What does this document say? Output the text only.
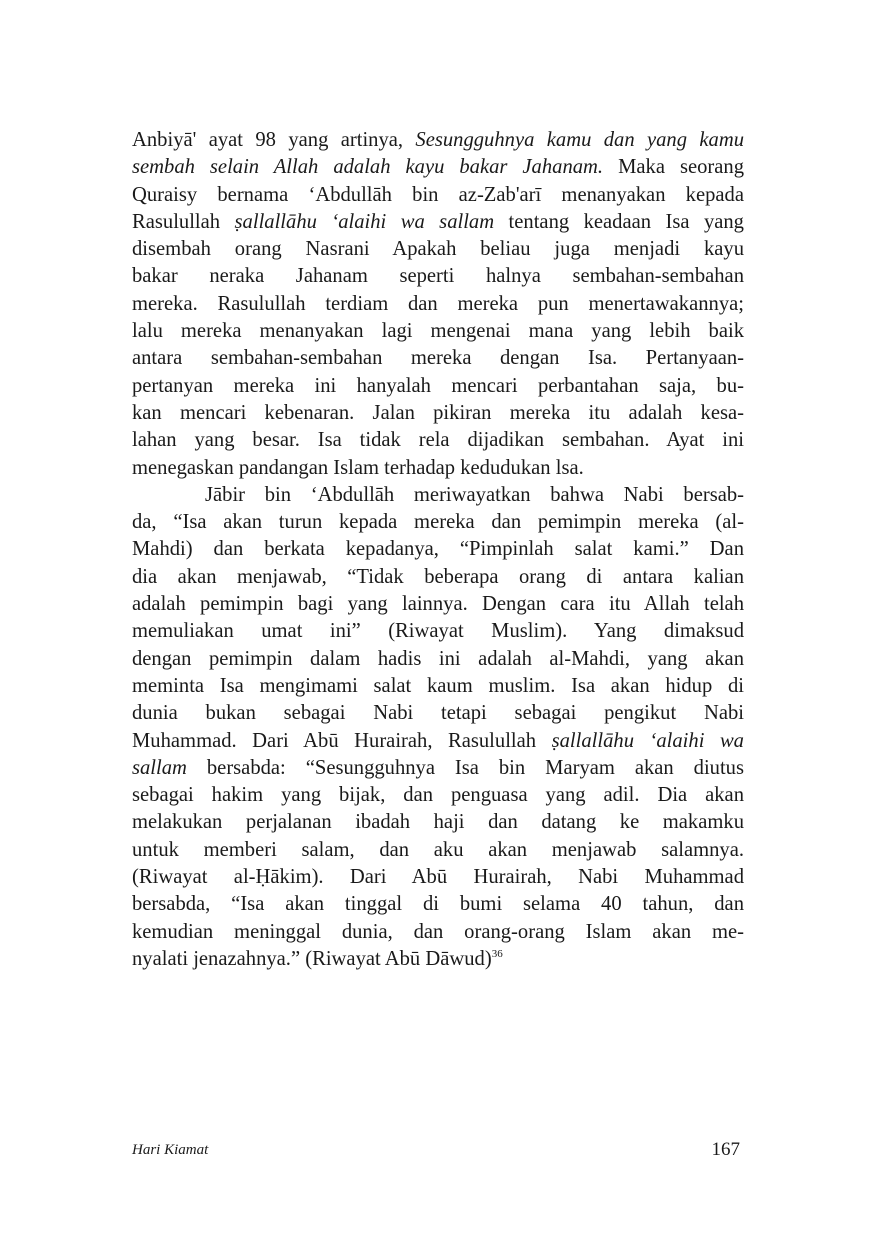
Anbiyā' ayat 98 yang artinya, Sesungguhnya kamu dan yang kamu
sembah selain Allah adalah kayu bakar Jahanam. Maka seorang
Quraisy bernama ‘Abdullāh bin az-Zab'arī menanyakan kepada
Rasulullah ṣallallāhu ‘alaihi wa sallam tentang keadaan Isa yang
disembah orang Nasrani Apakah beliau juga menjadi kayu
bakar neraka Jahanam seperti halnya sembahan-sembahan
mereka. Rasulullah terdiam dan mereka pun menertawakannya;
lalu mereka menanyakan lagi mengenai mana yang lebih baik
antara sembahan-sembahan mereka dengan Isa. Pertanyaan-
pertanyan mereka ini hanyalah mencari perbantahan saja, bu-
kan mencari kebenaran. Jalan pikiran mereka itu adalah kesa-
lahan yang besar. Isa tidak rela dijadikan sembahan. Ayat ini
menegaskan pandangan Islam terhadap kedudukan lsa.
Jābir bin ‘Abdullāh meriwayatkan bahwa Nabi bersab-
da, “Isa akan turun kepada mereka dan pemimpin mereka (al-
Mahdi) dan berkata kepadanya, “Pimpinlah salat kami.” Dan
dia akan menjawab, “Tidak beberapa orang di antara kalian
adalah pemimpin bagi yang lainnya. Dengan cara itu Allah telah
memuliakan umat ini” (Riwayat Muslim). Yang dimaksud
dengan pemimpin dalam hadis ini adalah al-Mahdi, yang akan
meminta Isa mengimami salat kaum muslim. Isa akan hidup di
dunia bukan sebagai Nabi tetapi sebagai pengikut Nabi
Muhammad. Dari Abū Hurairah, Rasulullah ṣallallāhu ‘alaihi wa
sallam bersabda: “Sesungguhnya Isa bin Maryam akan diutus
sebagai hakim yang bijak, dan penguasa yang adil. Dia akan
melakukan perjalanan ibadah haji dan datang ke makamku
untuk memberi salam, dan aku akan menjawab salamnya.
(Riwayat al-Ḥākim). Dari Abū Hurairah, Nabi Muhammad
bersabda, “Isa akan tinggal di bumi selama 40 tahun, dan
kemudian meninggal dunia, dan orang-orang Islam akan me-
nyalati jenazahnya.” (Riwayat Abū Dāwud)$^{36}$
Hari Kiamat	167
